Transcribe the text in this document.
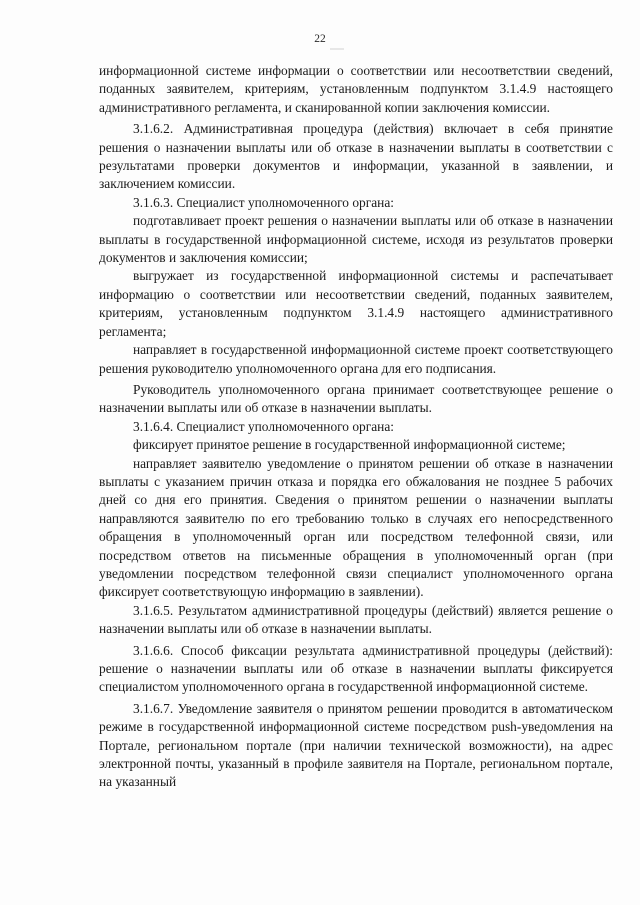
22

информационной системе информации о соответствии или несоответствии сведений, поданных заявителем, критериям, установленным подпунктом 3.1.4.9 настоящего административного регламента, и сканированной копии заключения комиссии.

3.1.6.2. Административная процедура (действия) включает в себя принятие решения о назначении выплаты или об отказе в назначении выплаты в соответствии с результатами проверки документов и информации, указанной в заявлении, и заключением комиссии.

3.1.6.3. Специалист уполномоченного органа:

подготавливает проект решения о назначении выплаты или об отказе в назначении выплаты в государственной информационной системе, исходя из результатов проверки документов и заключения комиссии;

выгружает из государственной информационной системы и распечатывает информацию о соответствии или несоответствии сведений, поданных заявителем, критериям, установленным подпунктом 3.1.4.9 настоящего административного регламента;

направляет в государственной информационной системе проект соответствующего решения руководителю уполномоченного органа для его подписания.

Руководитель уполномоченного органа принимает соответствующее решение о назначении выплаты или об отказе в назначении выплаты.

3.1.6.4. Специалист уполномоченного органа:

фиксирует принятое решение в государственной информационной системе;

направляет заявителю уведомление о принятом решении об отказе в назначении выплаты с указанием причин отказа и порядка его обжалования не позднее 5 рабочих дней со дня его принятия. Сведения о принятом решении о назначении выплаты направляются заявителю по его требованию только в случаях его непосредственного обращения в уполномоченный орган или посредством телефонной связи, или посредством ответов на письменные обращения в уполномоченный орган (при уведомлении посредством телефонной связи специалист уполномоченного органа фиксирует соответствующую информацию в заявлении).

3.1.6.5. Результатом административной процедуры (действий) является решение о назначении выплаты или об отказе в назначении выплаты.

3.1.6.6. Способ фиксации результата административной процедуры (действий): решение о назначении выплаты или об отказе в назначении выплаты фиксируется специалистом уполномоченного органа в государственной информационной системе.

3.1.6.7. Уведомление заявителя о принятом решении проводится в автоматическом режиме в государственной информационной системе посредством push-уведомления на Портале, региональном портале (при наличии технической возможности), на адрес электронной почты, указанный в профиле заявителя на Портале, региональном портале, на указанный
